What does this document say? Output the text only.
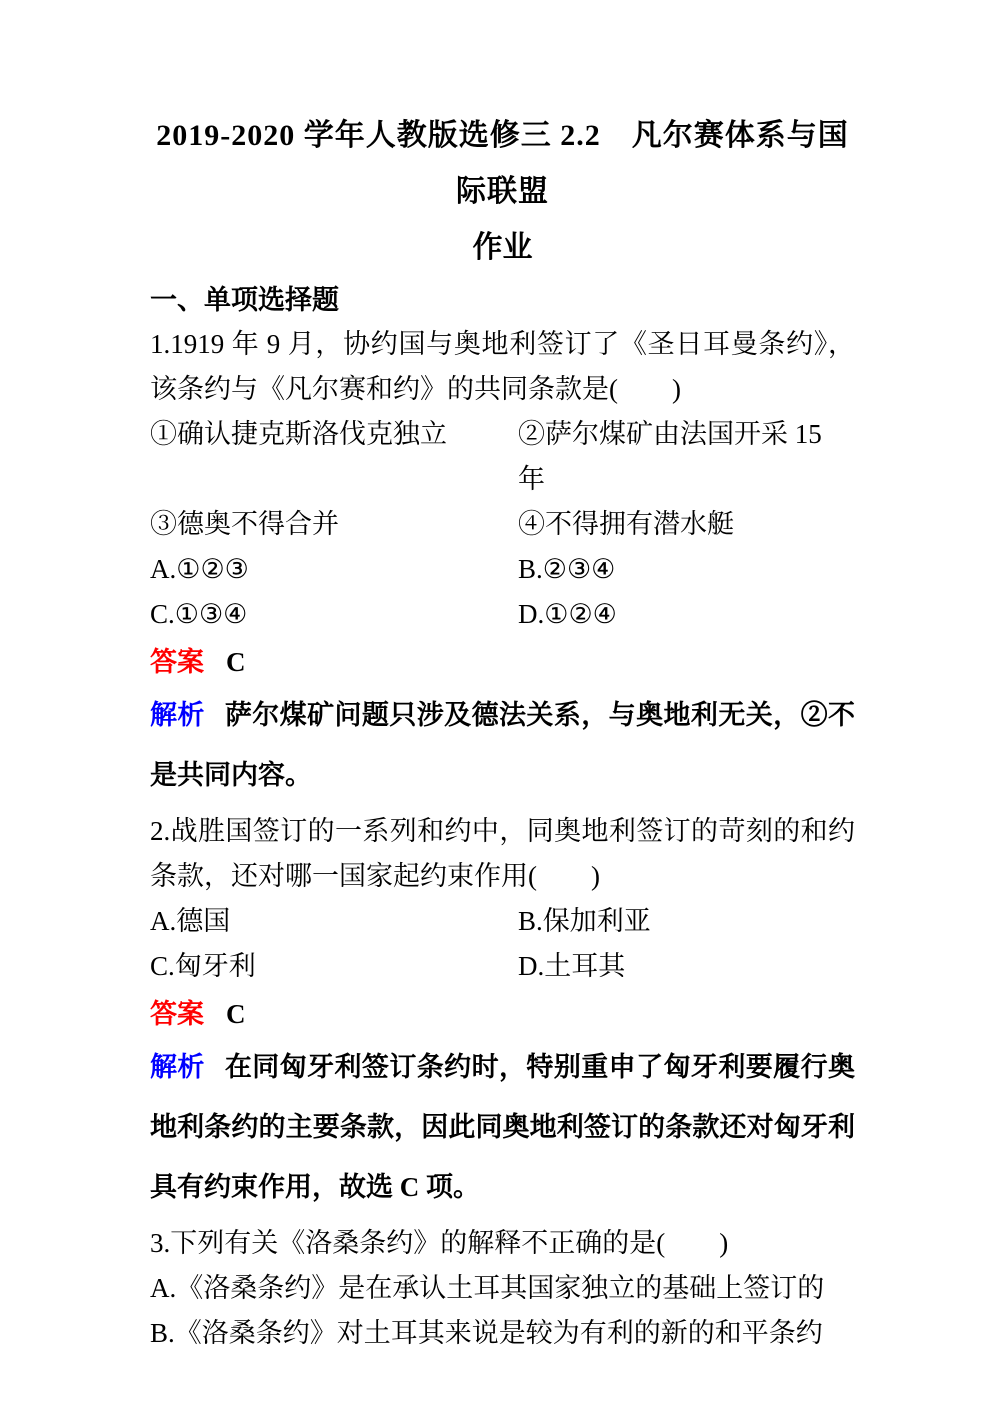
2019-2020 学年人教版选修三 2.2　凡尔赛体系与国际联盟
作业
一、单项选择题
1.1919 年 9 月，协约国与奥地利签订了《圣日耳曼条约》，该条约与《凡尔赛和约》的共同条款是(　　)
①确认捷克斯洛伐克独立	②萨尔煤矿由法国开采 15 年
③德奥不得合并	④不得拥有潜水艇
A.①②③	B.②③④
C.①③④	D.①②④
答案 C
解析 萨尔煤矿问题只涉及德法关系，与奥地利无关，②不是共同内容。
2.战胜国签订的一系列和约中，同奥地利签订的苛刻的和约条款，还对哪一国家起约束作用(　　)
A.德国	B.保加利亚
C.匈牙利	D.土耳其
答案 C
解析 在同匈牙利签订条约时，特别重申了匈牙利要履行奥地利条约的主要条款，因此同奥地利签订的条款还对匈牙利具有约束作用，故选 C 项。
3.下列有关《洛桑条约》的解释不正确的是(　　)
A.《洛桑条约》是在承认土耳其国家独立的基础上签订的
B.《洛桑条约》对土耳其来说是较为有利的新的和平条约
